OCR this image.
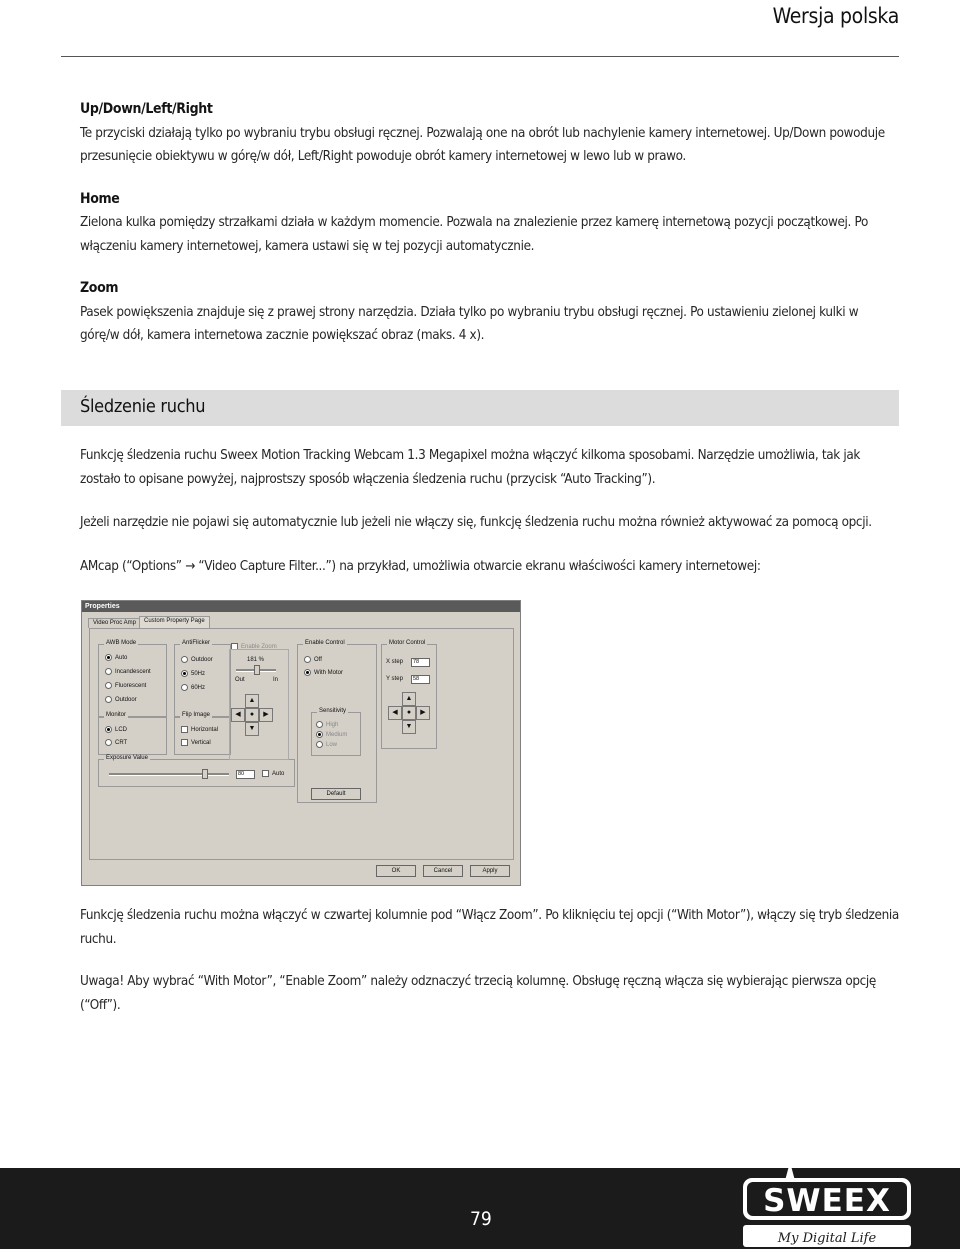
Wersja polska

Up/Down/Left/Right

Te przyciski działają tylko po wybraniu trybu obsługi ręcznej. Pozwalają one na obrót lub nachylenie kamery internetowej. Up/Down powoduje przesunięcie obiektywu w górę/w dół, Left/Right powoduje obrót kamery internetowej w lewo lub w prawo.

Home

Zielona kulka pomiędzy strzałkami działa w każdym momencie. Pozwala na znalezienie przez kamerę internetową pozycji początkowej. Po włączeniu kamery internetowej, kamera ustawi się w tej pozycji automatycznie.

Zoom

Pasek powiększenia znajduje się z prawej strony narzędzia. Działa tylko po wybraniu trybu obsługi ręcznej. Po ustawieniu zielonej kulki w górę/w dół, kamera internetowa zacznie powiększać obraz (maks. 4 x).

Śledzenie ruchu

Funkcję śledzenia ruchu Sweex Motion Tracking Webcam 1.3 Megapixel można włączyć kilkoma sposobami. Narzędzie umożliwia, tak jak zostało to opisane powyżej, najprostszy sposób włączenia śledzenia ruchu (przycisk “Auto Tracking”).

Jeżeli narzędzie nie pojawi się automatycznie lub jeżeli nie włączy się, funkcję śledzenia ruchu można również aktywować za pomocą opcji.

AMcap (“Options” → “Video Capture Filter...”) na przykład, umożliwia otwarcie ekranu właściwości kamery internetowej:

Properties
Video Proc Amp	Custom Property Page
AWB Mode
Auto
Incandescent
Fluorescent
Outdoor
AntiFlicker
Outdoor
50Hz
60Hz
Monitor
LCD
CRT
Flip Image
Horizontal
Vertical
Exposure Value
80	Auto
Enable Zoom
181 %
Out	In
▲
◀	●	▶
▼
Enable Control
Off
With Motor
Sensitivity
High
Medium
Low
Default
Motor Control
X step	78
Y step	58
▲
◀	●	▶
▼
OK	Cancel	Apply

Funkcję śledzenia ruchu można włączyć w czwartej kolumnie pod “Włącz Zoom”. Po kliknięciu tej opcji (“With Motor”), włączy się tryb śledzenia ruchu.

Uwaga! Aby wybrać “With Motor”, “Enable Zoom” należy odznaczyć trzecią kolumnę. Obsługę ręczną włącza się wybierając pierwsza opcję (“Off”).

79	SWEEX
My Digital Life
